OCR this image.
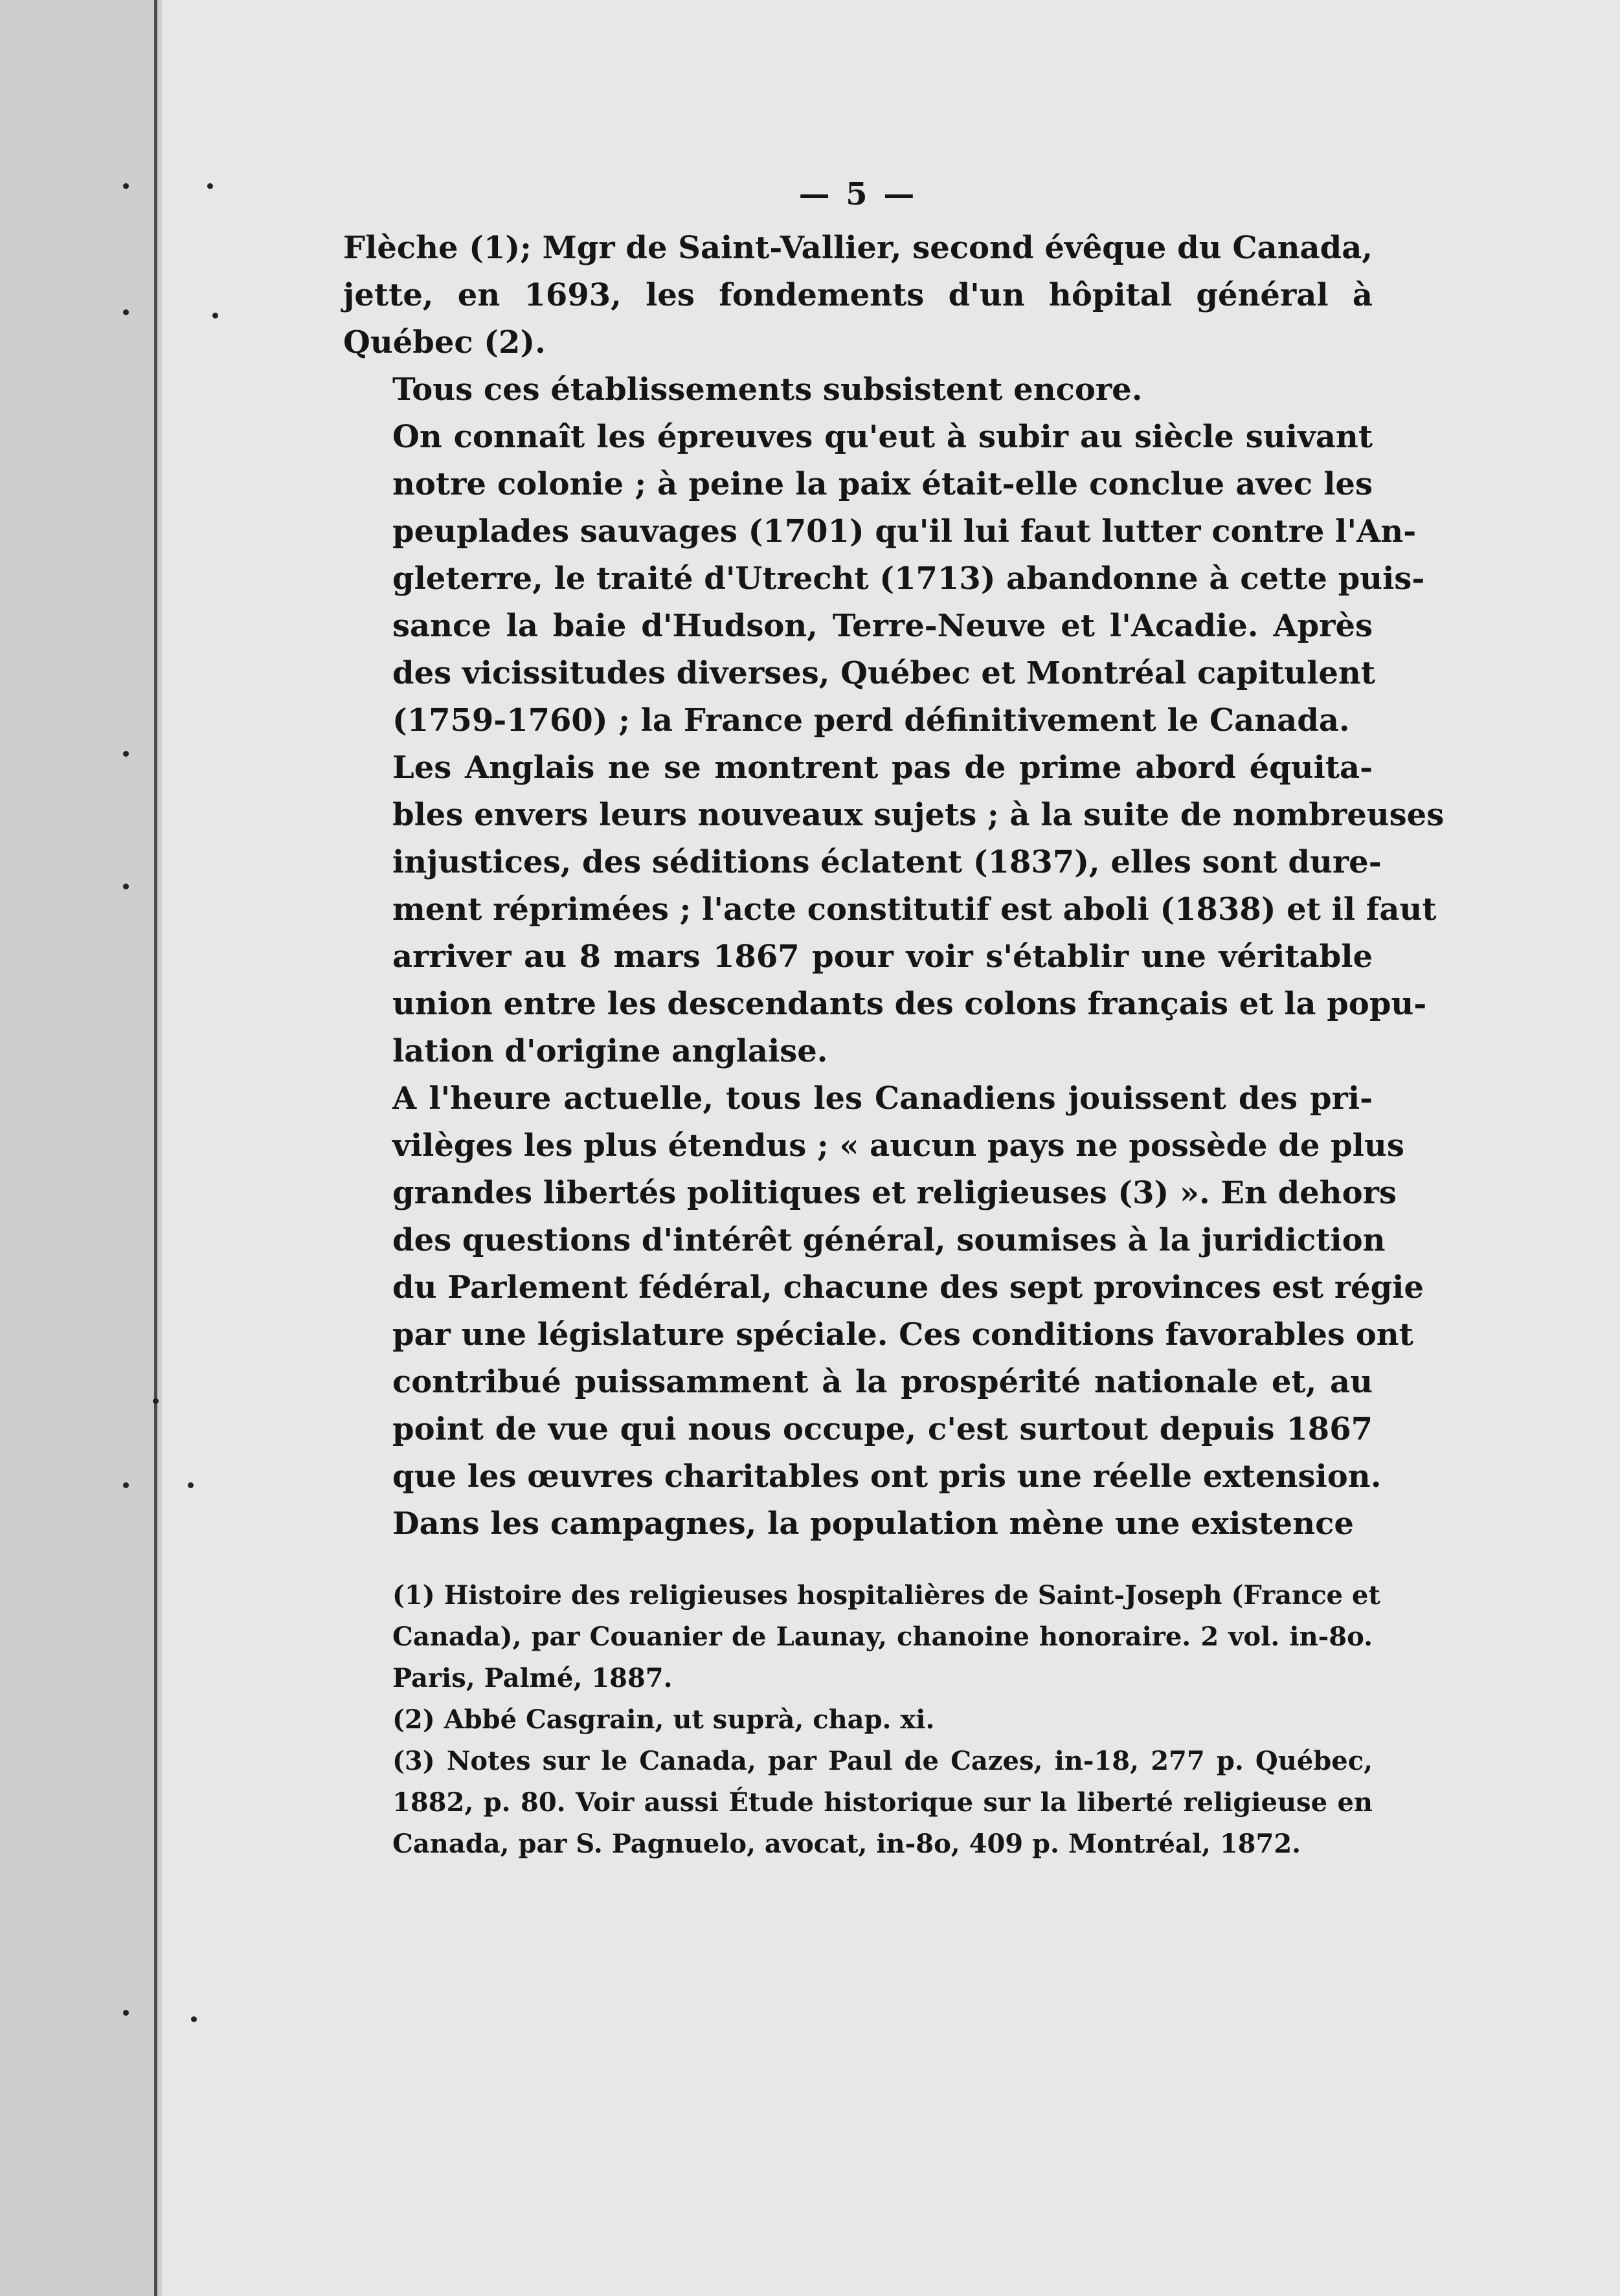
— 5 —

Flèche (1); Mgr de Saint-Vallier, second évêque du Canada,
jette, en 1693, les fondements d'un hôpital général à
Québec (2).

Tous ces établissements subsistent encore.

On connaît les épreuves qu'eut à subir au siècle suivant
notre colonie ; à peine la paix était-elle conclue avec les
peuplades sauvages (1701) qu'il lui faut lutter contre l'An-
gleterre, le traité d'Utrecht (1713) abandonne à cette puis-
sance la baie d'Hudson, Terre-Neuve et l'Acadie. Après
des vicissitudes diverses, Québec et Montréal capitulent
(1759-1760) ; la France perd définitivement le Canada.

Les Anglais ne se montrent pas de prime abord équita-
bles envers leurs nouveaux sujets ; à la suite de nombreuses
injustices, des séditions éclatent (1837), elles sont dure-
ment réprimées ; l'acte constitutif est aboli (1838) et il faut
arriver au 8 mars 1867 pour voir s'établir une véritable
union entre les descendants des colons français et la popu-
lation d'origine anglaise.

A l'heure actuelle, tous les Canadiens jouissent des pri-
vilèges les plus étendus ; « aucun pays ne possède de plus
grandes libertés politiques et religieuses (3) ». En dehors
des questions d'intérêt général, soumises à la juridiction
du Parlement fédéral, chacune des sept provinces est régie
par une législature spéciale. Ces conditions favorables ont
contribué puissamment à la prospérité nationale et, au
point de vue qui nous occupe, c'est surtout depuis 1867
que les œuvres charitables ont pris une réelle extension.

Dans les campagnes, la population mène une existence

(1) Histoire des religieuses hospitalières de Saint-Joseph (France et
Canada), par Couanier de Launay, chanoine honoraire. 2 vol. in-8o.
Paris, Palmé, 1887.

(2) Abbé Casgrain, ut suprà, chap. xi.

(3) Notes sur le Canada, par Paul de Cazes, in-18, 277 p. Québec,
1882, p. 80. Voir aussi Étude historique sur la liberté religieuse en
Canada, par S. Pagnuelo, avocat, in-8o, 409 p. Montréal, 1872.
